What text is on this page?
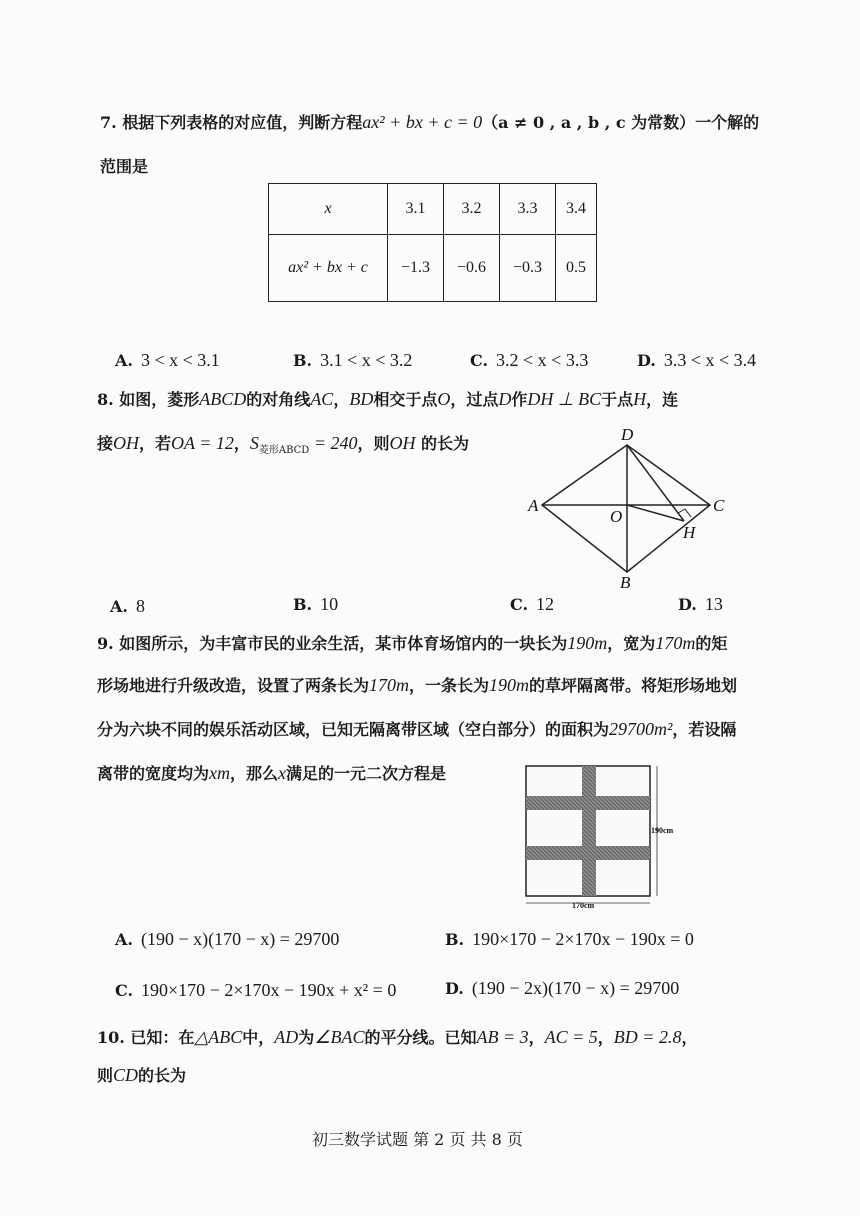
7. 根据下列表格的对应值，判断方程ax² + bx + c = 0（a ≠ 0 , a , b , c 为常数）一个解的
范围是
x	3.1	3.2	3.3	3.4
ax² + bx + c	−1.3	−0.6	−0.3	0.5
A. 3 < x < 3.1	B. 3.1 < x < 3.2	C. 3.2 < x < 3.3	D. 3.3 < x < 3.4
8. 如图，菱形ABCD的对角线AC，BD相交于点O，过点D作DH ⊥ BC于点H，连
接OH，若OA = 12，$S_{菱形ABCD} = 240$，则OH 的长为
A
D
C
B
O
H
A. 8	B. 10	C. 12	D. 13
9. 如图所示，为丰富市民的业余生活，某市体育场馆内的一块长为190m，宽为170m的矩
形场地进行升级改造，设置了两条长为170m，一条长为190m的草坪隔离带。将矩形场地划
分为六块不同的娱乐活动区域，已知无隔离带区域（空白部分）的面积为29700m²，若设隔
离带的宽度均为xm，那么x满足的一元二次方程是
190cm
170cm
A. (190 − x)(170 − x) = 29700	B. 190×170 − 2×170x − 190x = 0
C. 190×170 − 2×170x − 190x + x² = 0	D. (190 − 2x)(170 − x) = 29700
10. 已知：在△ABC中，AD为∠BAC的平分线。已知AB = 3，AC = 5，BD = 2.8，
则CD的长为
初三数学试题 第 2 页 共 8 页
